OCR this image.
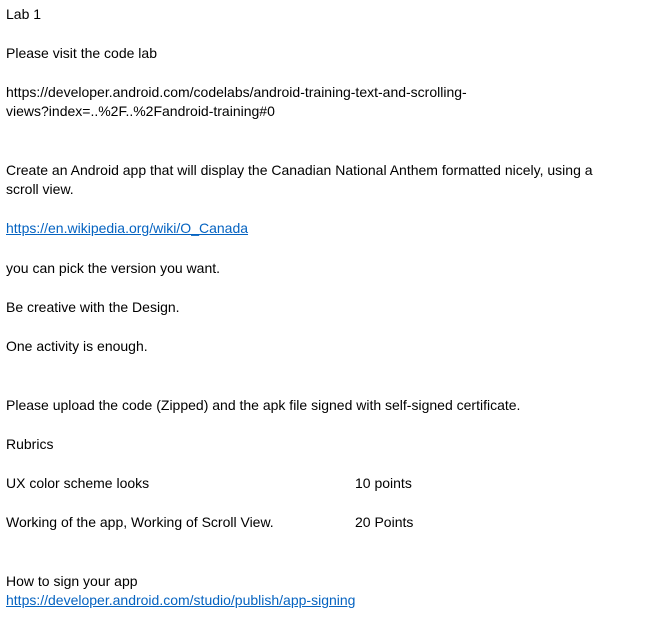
Lab 1
Please visit the code lab
https://developer.android.com/codelabs/android-training-text-and-scrolling-
views?index=..%2F..%2Fandroid-training#0
Create an Android app that will display the Canadian National Anthem formatted nicely, using a
scroll view.
https://en.wikipedia.org/wiki/O_Canada
you can pick the version you want.
Be creative with the Design.
One activity is enough.
Please upload the code (Zipped) and the apk file signed with self-signed certificate.
Rubrics
UX color scheme looks	10 points
Working of the app, Working of Scroll View.	20 Points
How to sign your app
https://developer.android.com/studio/publish/app-signing
